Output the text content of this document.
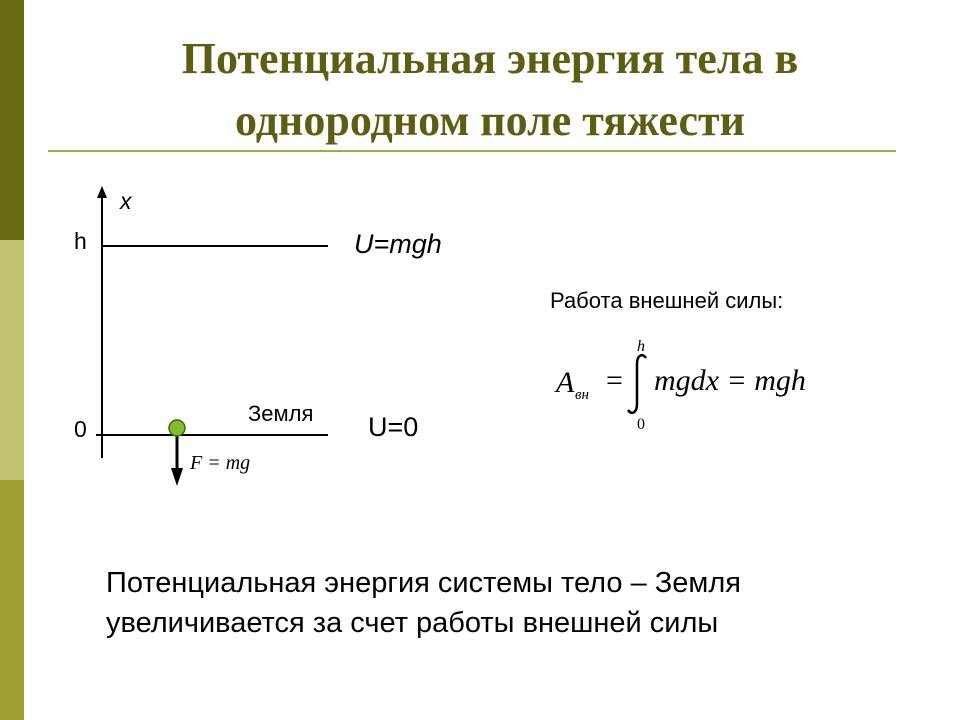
Потенциальная энергия тела в
однородном поле тяжести
x
h
0
Земля
U=mgh
U=0
F = mg
Работа внешней силы:
A вн =
h
0
mgdx = mgh
Потенциальная энергия системы тело – Земля
увеличивается за счет работы внешней силы
